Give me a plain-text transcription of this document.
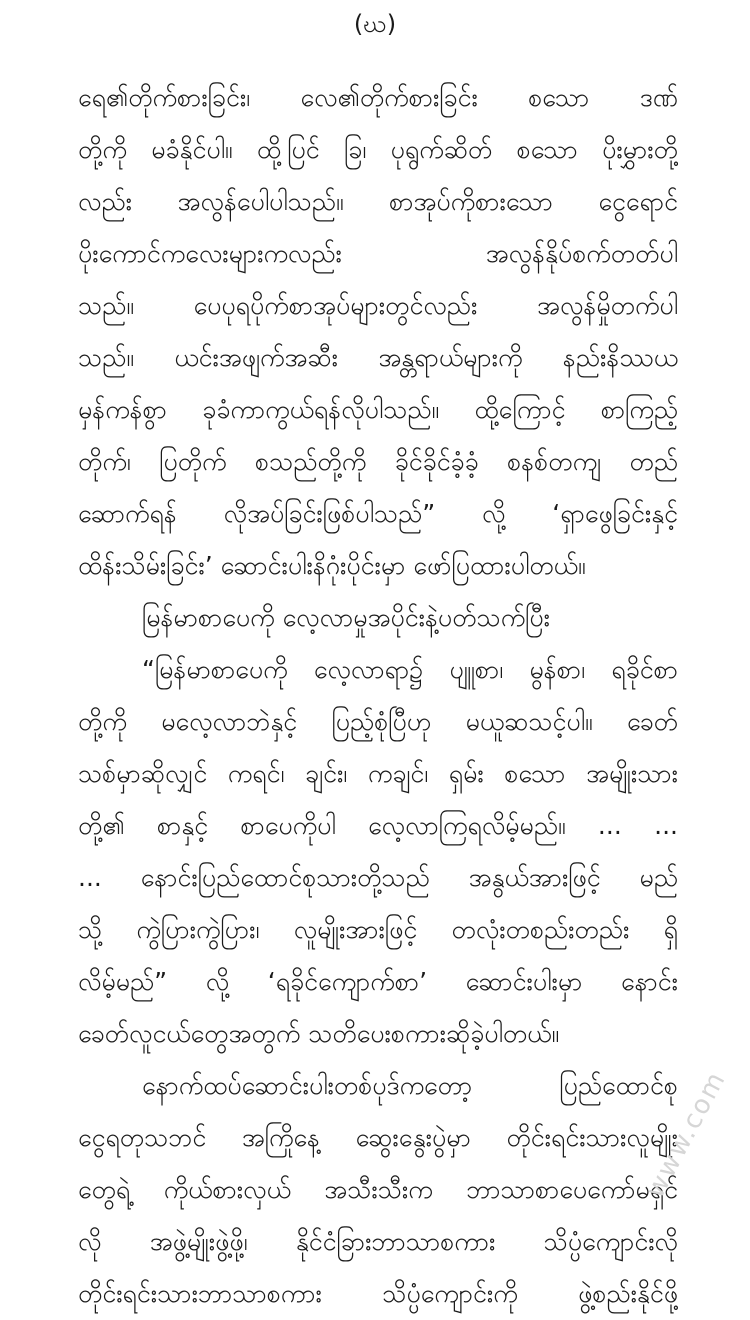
(ဃ)
ရေ၏တိုက်စားခြင်း၊ လေ၏တိုက်စားခြင်း စသော ဒဏ်
တို့ကို မခံနိုင်ပါ။ ထို့ပြင် ခြ၊ ပုရွက်ဆိတ် စသော ပိုးမွှားတို့
လည်း အလွန်ပေါပါသည်။ စာအုပ်ကိုစားသော ငွေရောင်
ပိုးကောင်ကလေးများကလည်း အလွန်နိုပ်စက်တတ်ပါ
သည်။ ပေပုရပိုက်စာအုပ်များတွင်လည်း အလွန်မှိုတက်ပါ
သည်။ ယင်းအဖျက်အဆီး အန္တရာယ်များကို နည်းနိဿယ
မှန်ကန်စွာ ခုခံကာကွယ်ရန်လိုပါသည်။ ထို့ကြောင့် စာကြည့်
တိုက်၊ ပြတိုက် စသည်တို့ကို ခိုင်ခိုင်ခံ့ခံ့ စနစ်တကျ တည်
ဆောက်ရန် လိုအပ်ခြင်းဖြစ်ပါသည်” လို့ ‘ရှာဖွေခြင်းနှင့်
ထိန်းသိမ်းခြင်း’ ဆောင်းပါးနိဂုံးပိုင်းမှာ ဖော်ပြထားပါတယ်။
မြန်မာစာပေကို လေ့လာမှုအပိုင်းနဲ့ပတ်သက်ပြီး
“မြန်မာစာပေကို လေ့လာရာ၌ ပျူစာ၊ မွန်စာ၊ ရခိုင်စာ
တို့ကို မလေ့လာဘဲနှင့် ပြည့်စုံပြီဟု မယူဆသင့်ပါ။ ခေတ်
သစ်မှာဆိုလျှင် ကရင်၊ ချင်း၊ ကချင်၊ ရှမ်း စသော အမျိုးသား
တို့၏ စာနှင့် စာပေကိုပါ လေ့လာကြရလိမ့်မည်။ ... ...
... နောင်းပြည်ထောင်စုသားတို့သည် အနွယ်အားဖြင့် မည်
သို့ ကွဲပြားကွဲပြား၊ လူမျိုးအားဖြင့် တလုံးတစည်းတည်း ရှိ
လိမ့်မည်” လို့ ‘ရခိုင်ကျောက်စာ’ ဆောင်းပါးမှာ နောင်း
ခေတ်လူငယ်တွေအတွက် သတိပေးစကားဆိုခဲ့ပါတယ်။
နောက်ထပ်ဆောင်းပါးတစ်ပုဒ်ကတော့ ပြည်ထောင်စု
ငွေရတုသဘင် အကြိုနေ့ ဆွေးနွေးပွဲမှာ တိုင်းရင်းသားလူမျိုး
တွေရဲ့ ကိုယ်စားလှယ် အသီးသီးက ဘာသာစာပေကော်မရှင်
လို အဖွဲ့မျိုးဖွဲ့ဖို့၊ နိုင်ငံခြားဘာသာစကား သိပ္ပံကျောင်းလို
တိုင်းရင်းသားဘာသာစကား သိပ္ပံကျောင်းကို ဖွဲ့စည်းနိုင်ဖို့
www.com
